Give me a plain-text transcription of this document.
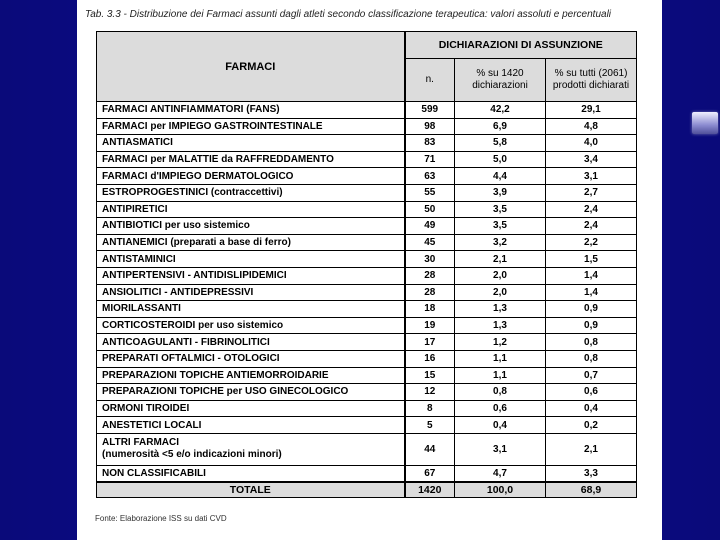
Tab. 3.3 - Distribuzione dei Farmaci assunti dagli atleti secondo classificazione terapeutica: valori assoluti e percentuali
FARMACI	DICHIARAZIONI DI ASSUNZIONE		
	n.	% su 1420 dichiarazioni	% su tutti (2061) prodotti dichiarati
FARMACI ANTINFIAMMATORI (FANS)	599	42,2	29,1
FARMACI per IMPIEGO GASTROINTESTINALE	98	6,9	4,8
ANTIASMATICI	83	5,8	4,0
FARMACI per MALATTIE da RAFFREDDAMENTO	71	5,0	3,4
FARMACI d'IMPIEGO DERMATOLOGICO	63	4,4	3,1
ESTROPROGESTINICI (contraccettivi)	55	3,9	2,7
ANTIPIRETICI	50	3,5	2,4
ANTIBIOTICI per uso sistemico	49	3,5	2,4
ANTIANEMICI (preparati a base di ferro)	45	3,2	2,2
ANTISTAMINICI	30	2,1	1,5
ANTIPERTENSIVI - ANTIDISLIPIDEMICI	28	2,0	1,4
ANSIOLITICI - ANTIDEPRESSIVI	28	2,0	1,4
MIORILASSANTI	18	1,3	0,9
CORTICOSTEROIDI per uso sistemico	19	1,3	0,9
ANTICOAGULANTI - FIBRINOLITICI	17	1,2	0,8
PREPARATI OFTALMICI - OTOLOGICI	16	1,1	0,8
PREPARAZIONI TOPICHE ANTIEMORROIDARIE	15	1,1	0,7
PREPARAZIONI TOPICHE per USO GINECOLOGICO	12	0,8	0,6
ORMONI TIROIDEI	8	0,6	0,4
ANESTETICI LOCALI	5	0,4	0,2
ALTRI FARMACI
(numerosità <5 e/o indicazioni minori)	44	3,1	2,1
NON CLASSIFICABILI	67	4,7	3,3
TOTALE	1420	100,0	68,9
Fonte: Elaborazione ISS su dati CVD
